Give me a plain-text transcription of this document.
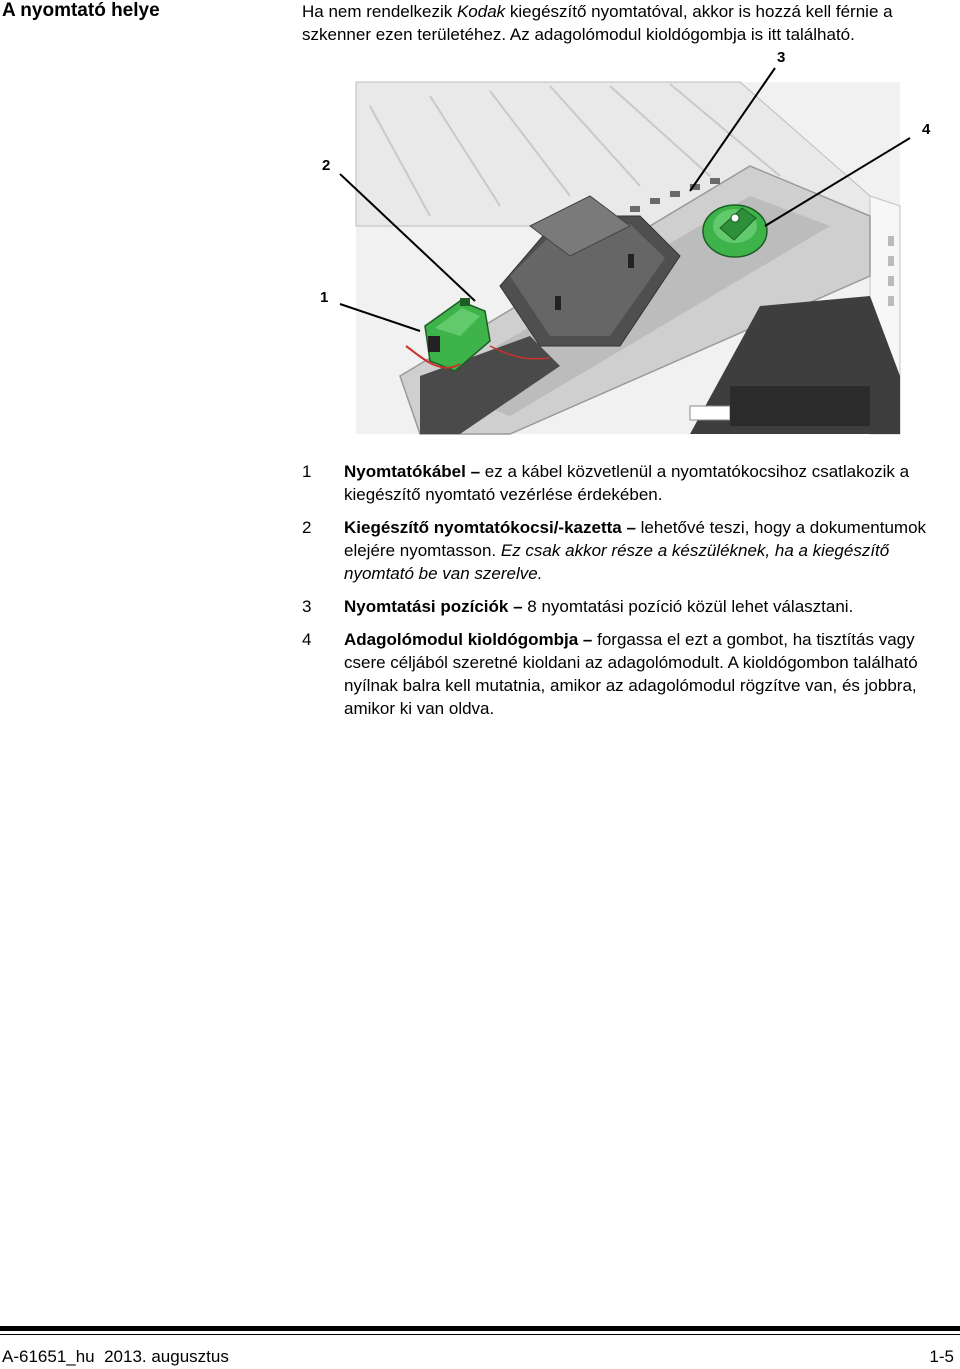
A nyomtató helye	Ha nem rendelkezik Kodak kiegészítő nyomtatóval, akkor is hozzá kell férnie a szkenner ezen területéhez. Az adagolómodul kioldógombja is itt található.
1
2
3
4
1 Nyomtatókábel – ez a kábel közvetlenül a nyomtatókocsihoz csatlakozik a kiegészítő nyomtató vezérlése érdekében.
2 Kiegészítő nyomtatókocsi/-kazetta – lehetővé teszi, hogy a dokumentumok elejére nyomtasson. Ez csak akkor része a készüléknek, ha a kiegészítő nyomtató be van szerelve.
3 Nyomtatási pozíciók – 8 nyomtatási pozíció közül lehet választani.
4 Adagolómodul kioldógombja – forgassa el ezt a gombot, ha tisztítás vagy csere céljából szeretné kioldani az adagolómodult. A kioldógombon található nyílnak balra kell mutatnia, amikor az adagolómodul rögzítve van, és jobbra, amikor ki van oldva.
A-61651_hu  2013. augusztus	1-5
